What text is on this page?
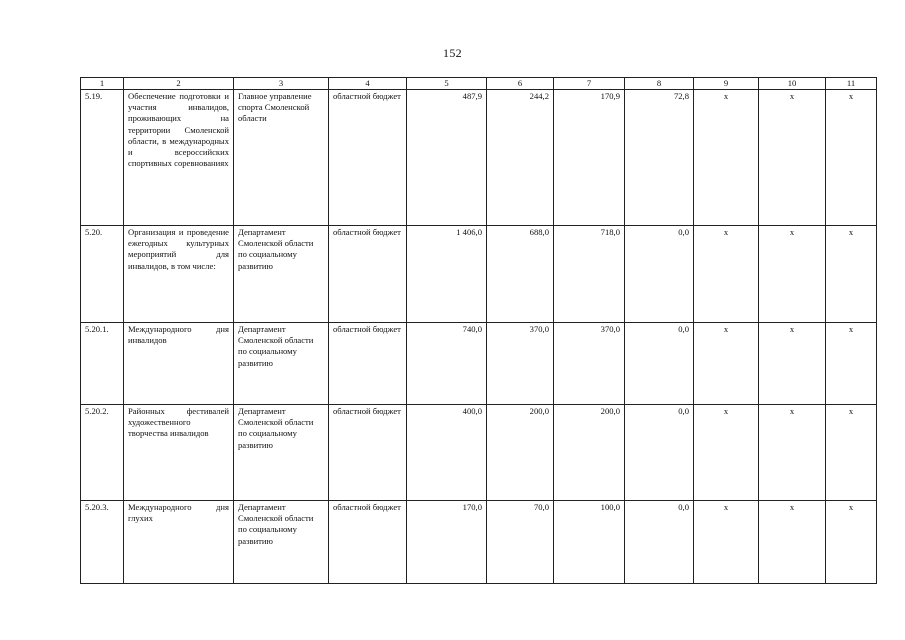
152
1	2	3	4	5	6	7	8	9	10	11
5.19.	Обеспечение подготовки и участия инвалидов, проживающих на территории Смоленской области, в международных и всероссийских спортивных соревнованиях	Главное управление спорта Смоленской области	областной бюджет	487,9	244,2	170,9	72,8	x	x	x
5.20.	Организация и проведение ежегодных культурных мероприятий для инвалидов, в том числе:	Департамент Смоленской области по социальному развитию	областной бюджет	1 406,0	688,0	718,0	0,0	x	x	x
5.20.1.	Международного дня инвалидов	Департамент Смоленской области по социальному развитию	областной бюджет	740,0	370,0	370,0	0,0	x	x	x
5.20.2.	Районных фестивалей художественного творчества инвалидов	Департамент Смоленской области по социальному развитию	областной бюджет	400,0	200,0	200,0	0,0	x	x	x
5.20.3.	Международного дня глухих	Департамент Смоленской области по социальному развитию	областной бюджет	170,0	70,0	100,0	0,0	x	x	x
